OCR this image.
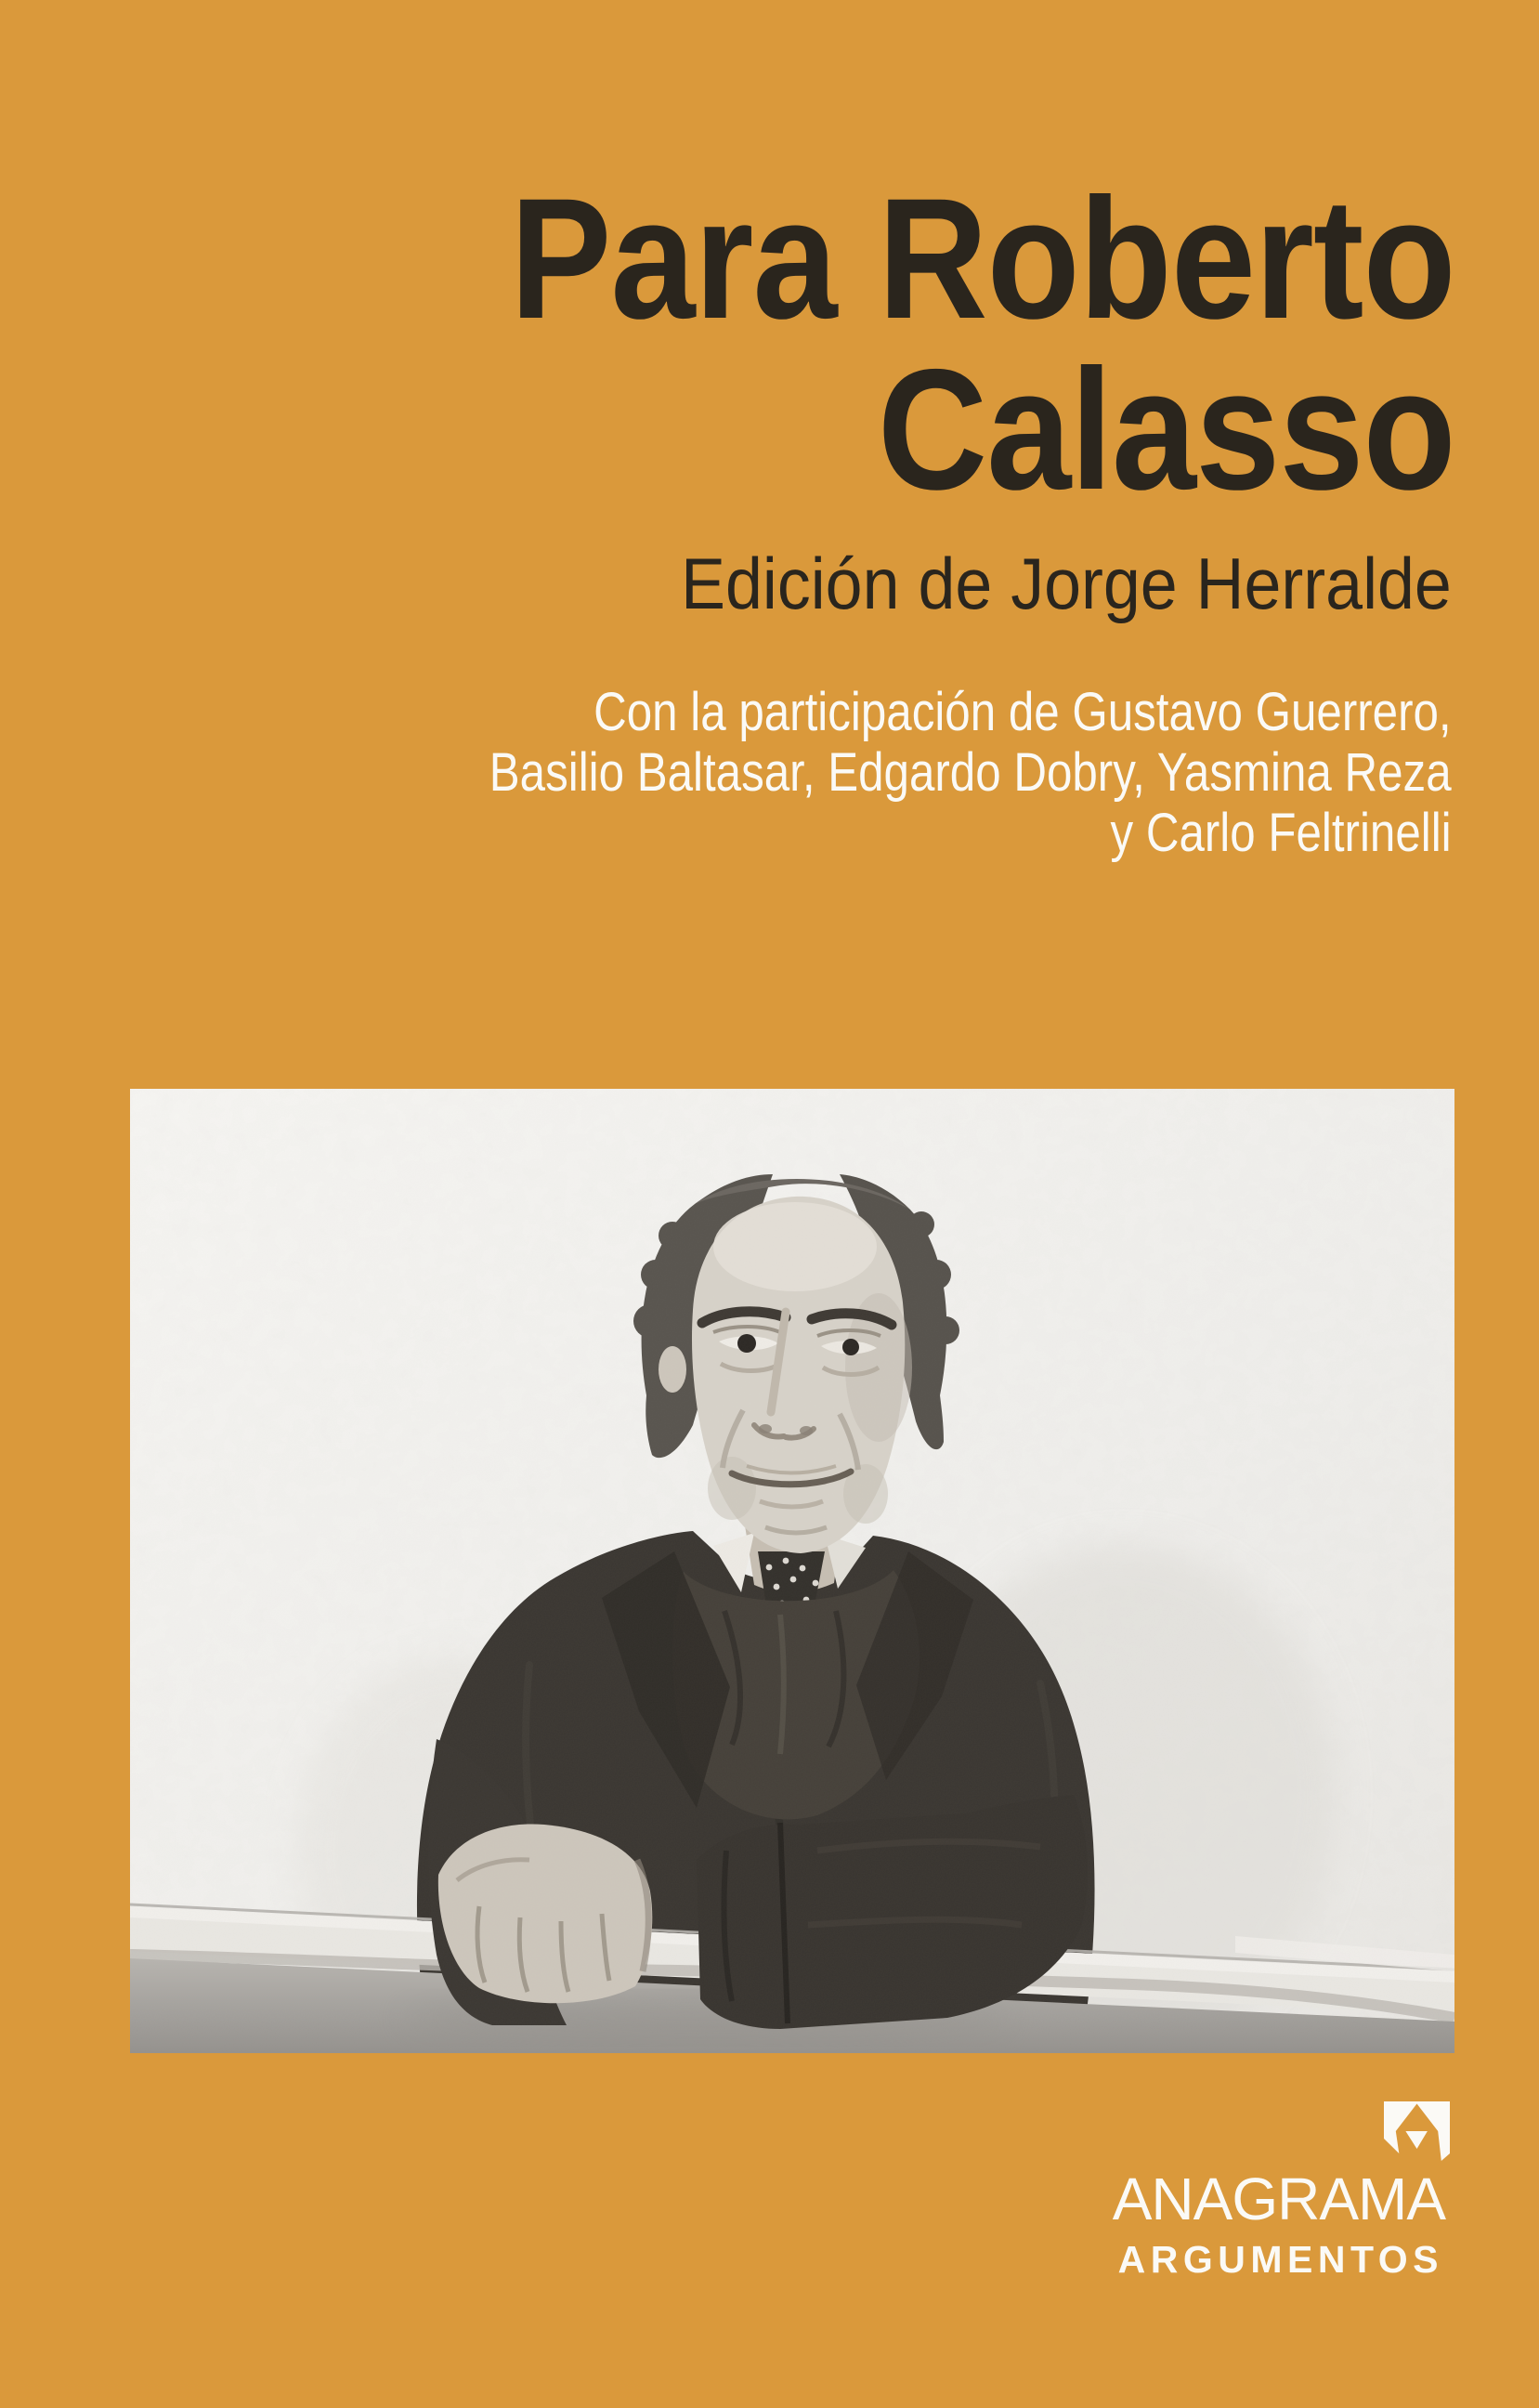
Para Roberto
Calasso
Edición de Jorge Herralde
Con la participación de Gustavo Guerrero,
Basilio Baltasar, Edgardo Dobry, Yasmina Reza
y Carlo Feltrinelli
ANAGRAMA
ARGUMENTOS
